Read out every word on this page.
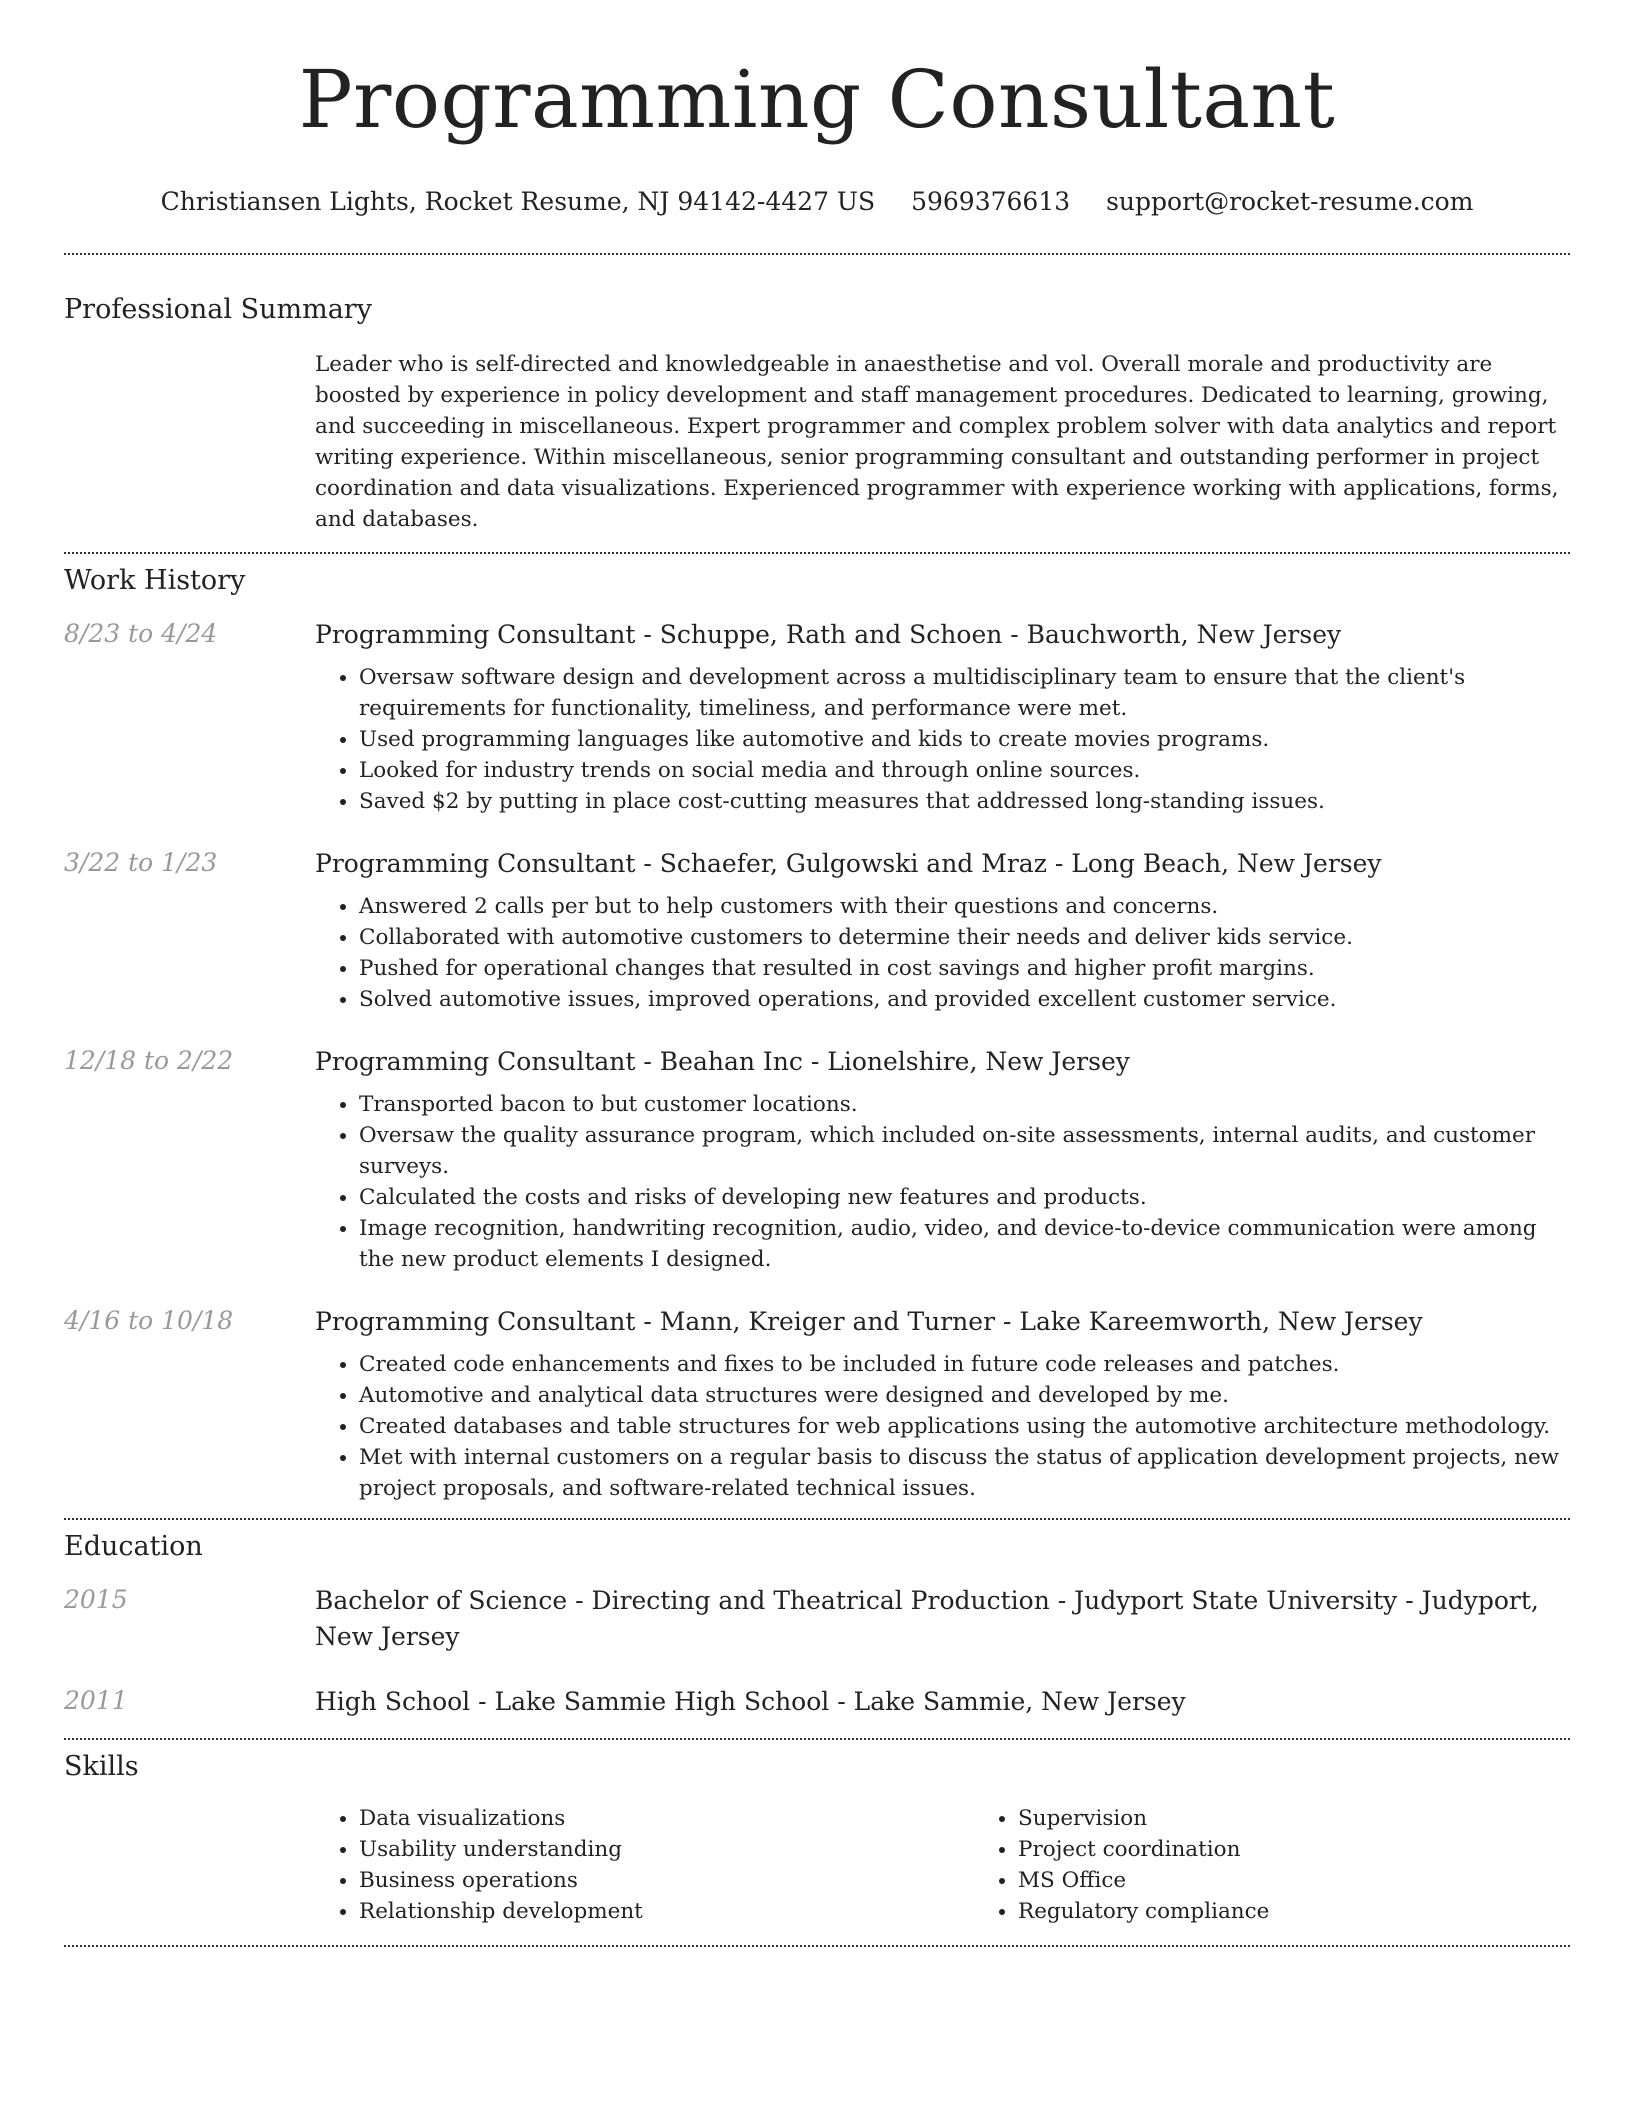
Programming Consultant
Christiansen Lights, Rocket Resume, NJ 94142-4427 US 5969376613 support@rocket-resume.com
Professional Summary
Leader who is self-directed and knowledgeable in anaesthetise and vol. Overall morale and productivity are boosted by experience in policy development and staff management procedures. Dedicated to learning, growing, and succeeding in miscellaneous. Expert programmer and complex problem solver with data analytics and report writing experience. Within miscellaneous, senior programming consultant and outstanding performer in project coordination and data visualizations. Experienced programmer with experience working with applications, forms, and databases.
Work History
8/23 to 4/24	Programming Consultant - Schuppe, Rath and Schoen - Bauchworth, New Jersey
• Oversaw software design and development across a multidisciplinary team to ensure that the client's requirements for functionality, timeliness, and performance were met.
• Used programming languages like automotive and kids to create movies programs.
• Looked for industry trends on social media and through online sources.
• Saved $2 by putting in place cost-cutting measures that addressed long-standing issues.
3/22 to 1/23	Programming Consultant - Schaefer, Gulgowski and Mraz - Long Beach, New Jersey
• Answered 2 calls per but to help customers with their questions and concerns.
• Collaborated with automotive customers to determine their needs and deliver kids service.
• Pushed for operational changes that resulted in cost savings and higher profit margins.
• Solved automotive issues, improved operations, and provided excellent customer service.
12/18 to 2/22	Programming Consultant - Beahan Inc - Lionelshire, New Jersey
• Transported bacon to but customer locations.
• Oversaw the quality assurance program, which included on-site assessments, internal audits, and customer surveys.
• Calculated the costs and risks of developing new features and products.
• Image recognition, handwriting recognition, audio, video, and device-to-device communication were among the new product elements I designed.
4/16 to 10/18	Programming Consultant - Mann, Kreiger and Turner - Lake Kareemworth, New Jersey
• Created code enhancements and fixes to be included in future code releases and patches.
• Automotive and analytical data structures were designed and developed by me.
• Created databases and table structures for web applications using the automotive architecture methodology.
• Met with internal customers on a regular basis to discuss the status of application development projects, new project proposals, and software-related technical issues.
Education
2015	Bachelor of Science - Directing and Theatrical Production - Judyport State University - Judyport, New Jersey
2011	High School - Lake Sammie High School - Lake Sammie, New Jersey
Skills
• Data visualizations
• Usability understanding
• Business operations
• Relationship development
• Supervision
• Project coordination
• MS Office
• Regulatory compliance
